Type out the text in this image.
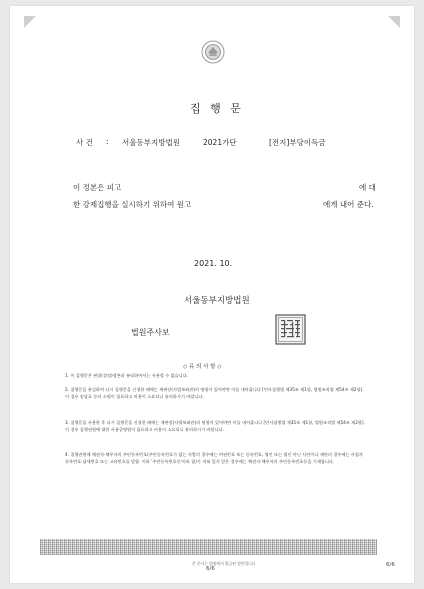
집 행 문
사 건 : 서울동부지방법원	2021가단	[전지]부당이득금
이 정본은 피고	에 대
한 강제집행을 실시하기 위하여 원고	에게 내어 준다.
2021. 10.
서울동부지방법원
법원주사보
◇ 유 의 사 항 ◇
1. 이 집행문은 판결(결정)정본과 분리하여서는 사용할 수 없습니다.
2. 집행문을 분실하여 다시 집행문을 신청한 때에는 재판장(사법보좌관)의 명령이 있어야만 이를 내어줍니다 [민사집행법 제35조 제1항, 법원조직법 제54조 제2항]. 이 경우 송달료 등의 소명이 필요하고 비용이 소요되니 유의하시기 바랍니다.
3. 집행문을 사용한 후 다시 집행문을 신청한 때에는 재판장(사법보좌관)의 명령이 있어야만 이를 내어줍니다 [민사집행법 제35조 제1항, 법원조직법 제54조 제2항]. 이 경우 집행권원에 대한 사용증명원이 필요하고 비용이 소요되니 유의하시기 바랍니다.
4. 집행권원에 채권자·채무자의 주민등록번호(주민등록번호가 없는 사람의 경우에는 여권번호 또는 등록번호, 법인 또는 법인 아닌 사단이나 재단의 경우에는 사업자등록번호·납세번호 또는 고유번호를 말함. 이하 '주민등록번호등'이라 함)가 적혀 있지 않은 경우에는 채권자·채무자의 주민등록번호등을 기재합니다.
본 문서는 법원에서 발급된 정본입니다
6/6
6/6
